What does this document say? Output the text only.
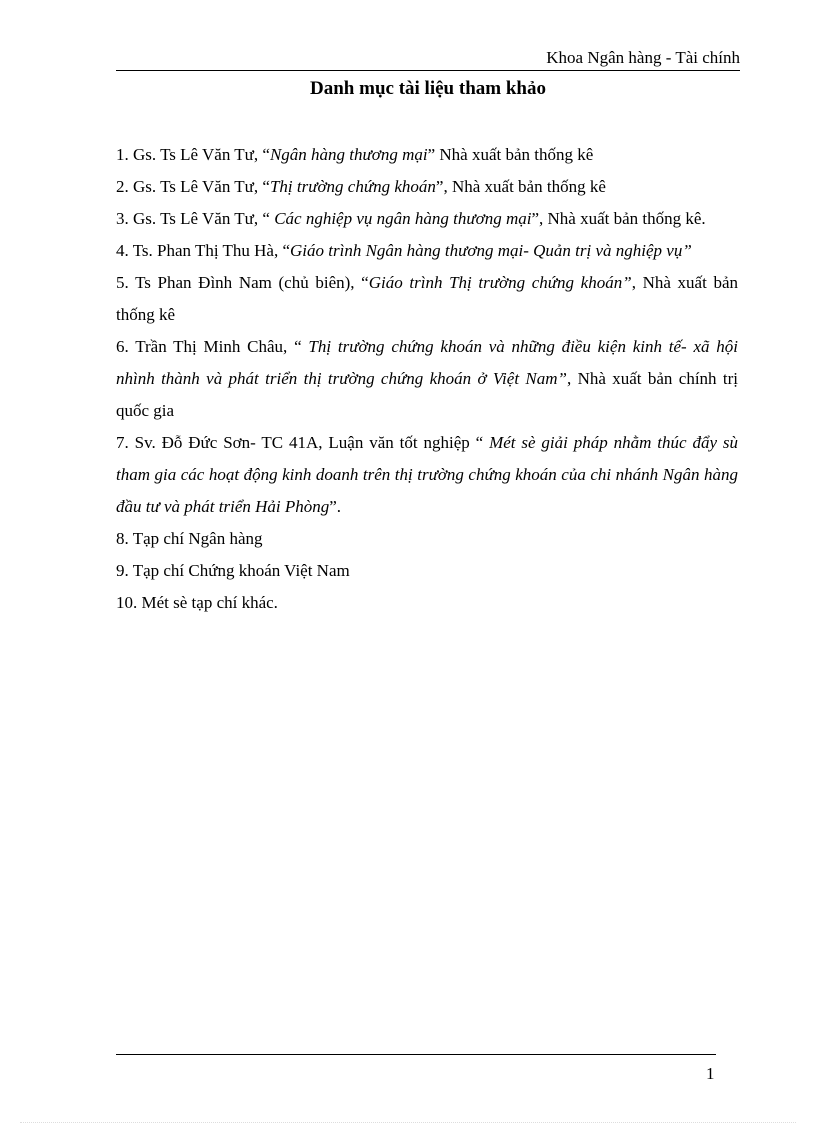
Khoa Ngân hàng - Tài chính
Danh mục tài liệu tham khảo

1. Gs. Ts Lê Văn Tư, “Ngân hàng thương mại” Nhà xuất bản thống kê

2. Gs. Ts Lê Văn Tư, “Thị trường chứng khoán”, Nhà xuất bản thống kê

3. Gs. Ts Lê Văn Tư, “ Các nghiệp vụ ngân hàng thương mại”, Nhà xuất bản thống kê.

4. Ts. Phan Thị Thu Hà, “Giáo trình Ngân hàng thương mại- Quản trị và nghiệp vụ”

5. Ts Phan Đình Nam (chủ biên), “Giáo trình Thị trường chứng khoán”, Nhà xuất bản thống kê

6. Trần Thị Minh Châu, “ Thị trường chứng khoán và những điều kiện kinh tế- xã hội nhình thành và phát triển thị trường chứng khoán ở Việt Nam”, Nhà xuất bản chính trị quốc gia

7. Sv. Đỗ Đức Sơn- TC 41A, Luận văn tốt nghiệp “ Mét sè giải pháp nhằm thúc đẩy sù tham gia các hoạt động kinh doanh trên thị trường chứng khoán của chi nhánh Ngân hàng đầu tư và phát triển Hải Phòng”.

8. Tạp chí Ngân hàng

9. Tạp chí Chứng khoán Việt Nam

10. Mét sè tạp chí khác.

1
